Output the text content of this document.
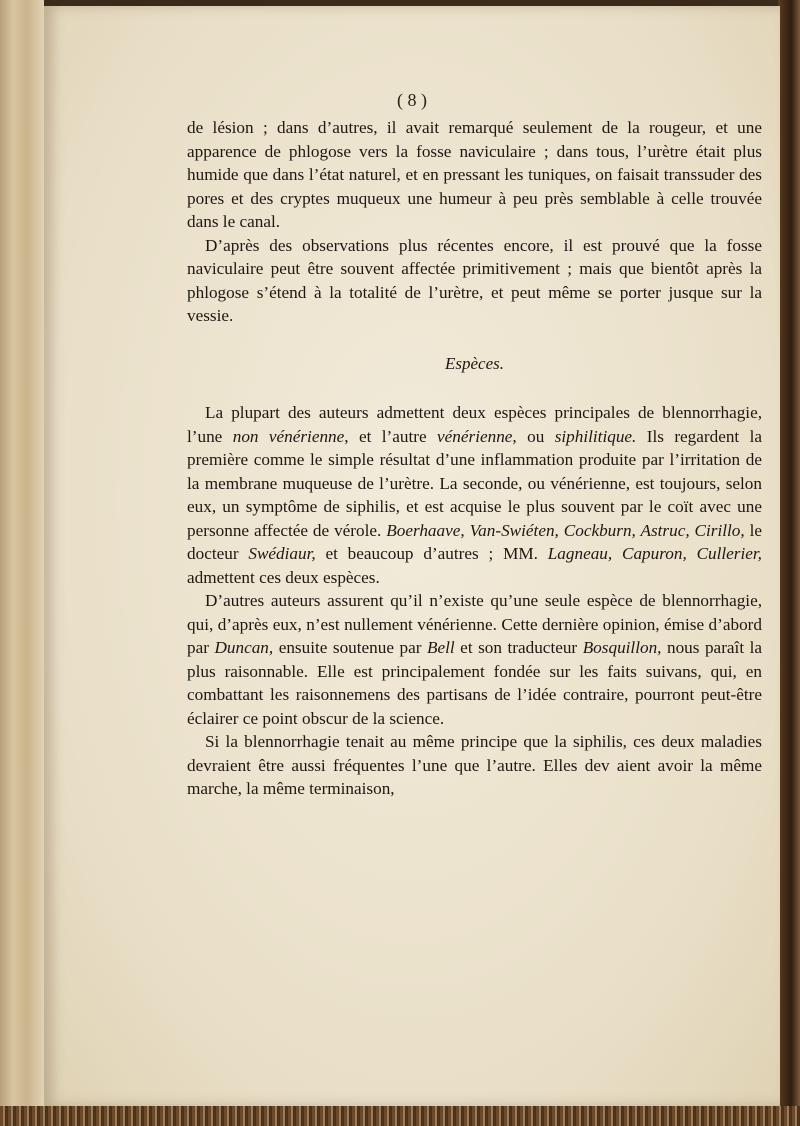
( 8 )

de lésion ; dans d’autres, il avait remarqué seulement de la rougeur, et une apparence de phlogose vers la fosse naviculaire ; dans tous, l’urètre était plus humide que dans l’état naturel, et en pressant les tuniques, on faisait transsuder des pores et des cryptes muqueux une humeur à peu près semblable à celle trouvée dans le canal.

D’après des observations plus récentes encore, il est prouvé que la fosse naviculaire peut être souvent affectée primitivement ; mais que bientôt après la phlogose s’étend à la totalité de l’urètre, et peut même se porter jusque sur la vessie.

Espèces.

La plupart des auteurs admettent deux espèces principales de blennorrhagie, l’une non vénérienne, et l’autre vénérienne, ou siphilitique. Ils regardent la première comme le simple résultat d’une inflammation produite par l’irritation de la membrane muqueuse de l’urètre. La seconde, ou vénérienne, est toujours, selon eux, un symptôme de siphilis, et est acquise le plus souvent par le coït avec une personne affectée de vérole. Boerhaave, Van-Swiéten, Cockburn, Astruc, Cirillo, le docteur Swédiaur, et beaucoup d’autres ; MM. Lagneau, Capuron, Cullerier, admettent ces deux espèces.

D’autres auteurs assurent qu’il n’existe qu’une seule espèce de blennorrhagie, qui, d’après eux, n’est nullement vénérienne. Cette dernière opinion, émise d’abord par Duncan, ensuite soutenue par Bell et son traducteur Bosquillon, nous paraît la plus raisonnable. Elle est principalement fondée sur les faits suivans, qui, en combattant les raisonnemens des partisans de l’idée contraire, pourront peut-être éclairer ce point obscur de la science.

Si la blennorrhagie tenait au même principe que la siphilis, ces deux maladies devraient être aussi fréquentes l’une que l’autre. Elles dev aient avoir la même marche, la même terminaison,
